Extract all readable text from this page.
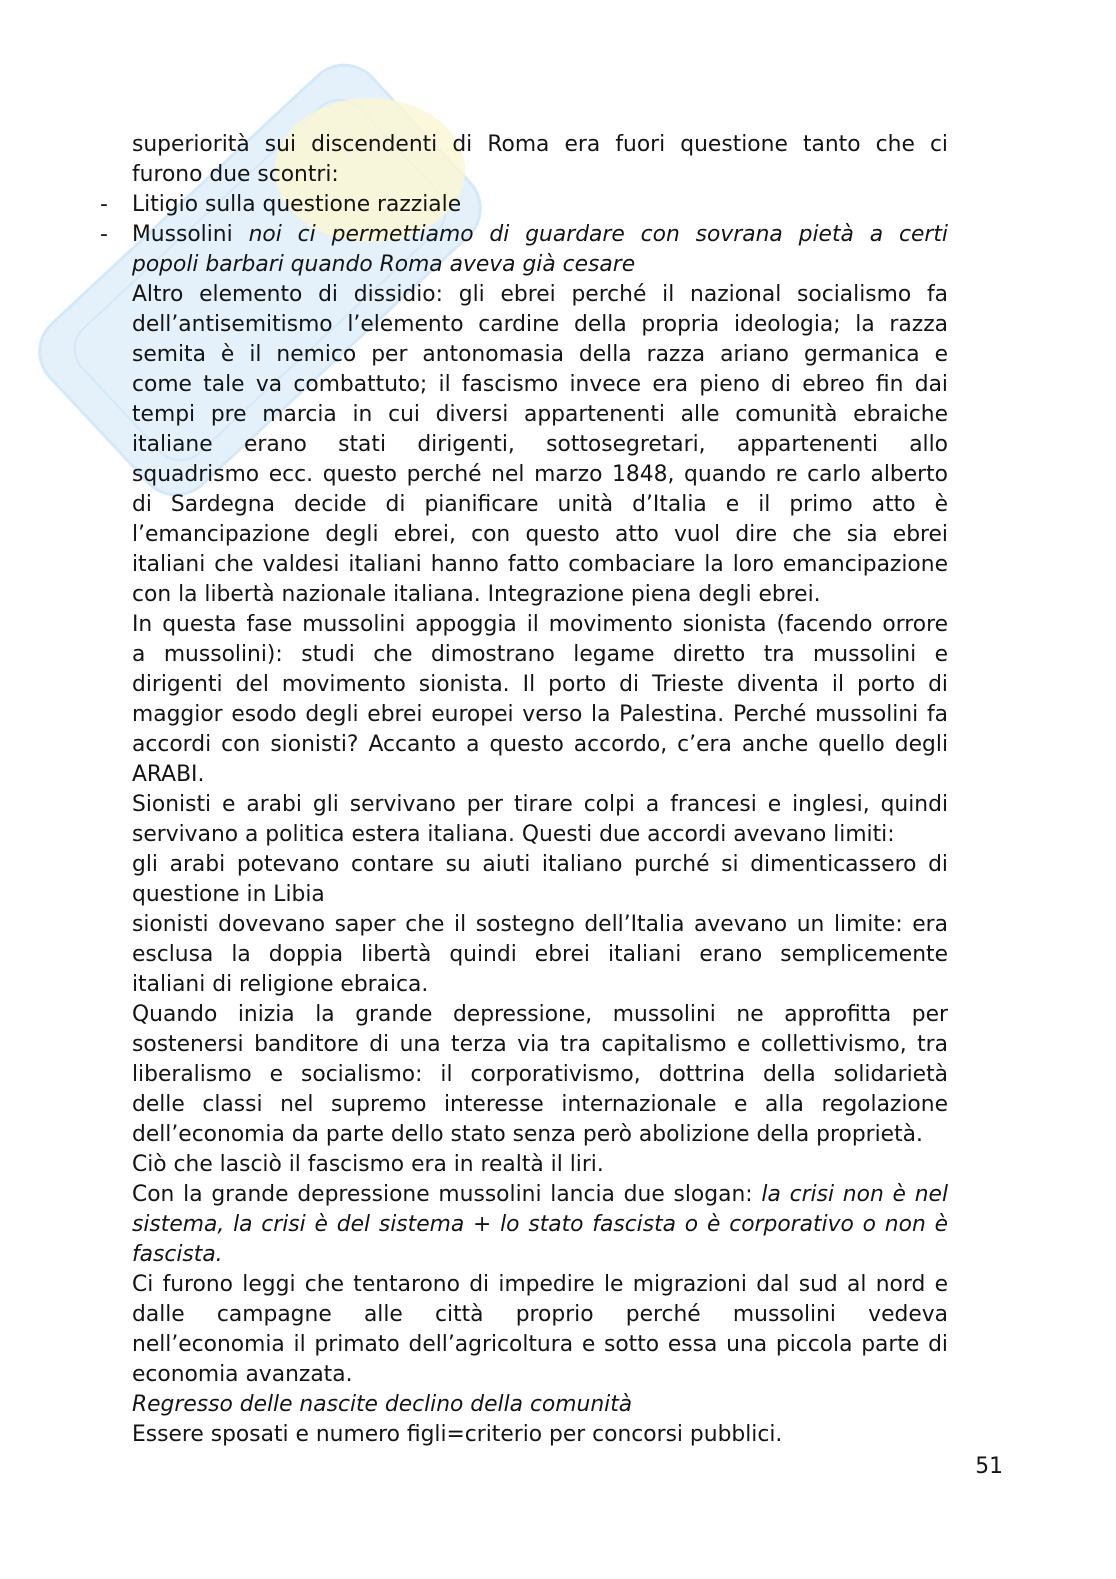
superiorità sui discendenti di Roma era fuori questione tanto che ci
furono due scontri:
- Litigio sulla questione razziale
- Mussolini noi ci permettiamo di guardare con sovrana pietà a certi
popoli barbari quando Roma aveva già cesare
Altro elemento di dissidio: gli ebrei perché il nazional socialismo fa
dell’antisemitismo l’elemento cardine della propria ideologia; la razza
semita è il nemico per antonomasia della razza ariano germanica e
come tale va combattuto; il fascismo invece era pieno di ebreo fin dai
tempi pre marcia in cui diversi appartenenti alle comunità ebraiche
italiane erano stati dirigenti, sottosegretari, appartenenti allo
squadrismo ecc. questo perché nel marzo 1848, quando re carlo alberto
di Sardegna decide di pianificare unità d’Italia e il primo atto è
l’emancipazione degli ebrei, con questo atto vuol dire che sia ebrei
italiani che valdesi italiani hanno fatto combaciare la loro emancipazione
con la libertà nazionale italiana. Integrazione piena degli ebrei.
In questa fase mussolini appoggia il movimento sionista (facendo orrore
a mussolini): studi che dimostrano legame diretto tra mussolini e
dirigenti del movimento sionista. Il porto di Trieste diventa il porto di
maggior esodo degli ebrei europei verso la Palestina. Perché mussolini fa
accordi con sionisti? Accanto a questo accordo, c’era anche quello degli
ARABI.
Sionisti e arabi gli servivano per tirare colpi a francesi e inglesi, quindi
servivano a politica estera italiana. Questi due accordi avevano limiti:
gli arabi potevano contare su aiuti italiano purché si dimenticassero di
questione in Libia
sionisti dovevano saper che il sostegno dell’Italia avevano un limite: era
esclusa la doppia libertà quindi ebrei italiani erano semplicemente
italiani di religione ebraica.
Quando inizia la grande depressione, mussolini ne approfitta per
sostenersi banditore di una terza via tra capitalismo e collettivismo, tra
liberalismo e socialismo: il corporativismo, dottrina della solidarietà
delle classi nel supremo interesse internazionale e alla regolazione
dell’economia da parte dello stato senza però abolizione della proprietà.
Ciò che lasciò il fascismo era in realtà il liri.
Con la grande depressione mussolini lancia due slogan: la crisi non è nel
sistema, la crisi è del sistema + lo stato fascista o è corporativo o non è
fascista.
Ci furono leggi che tentarono di impedire le migrazioni dal sud al nord e
dalle campagne alle città proprio perché mussolini vedeva
nell’economia il primato dell’agricoltura e sotto essa una piccola parte di
economia avanzata.
Regresso delle nascite declino della comunità
Essere sposati e numero figli=criterio per concorsi pubblici.
51
